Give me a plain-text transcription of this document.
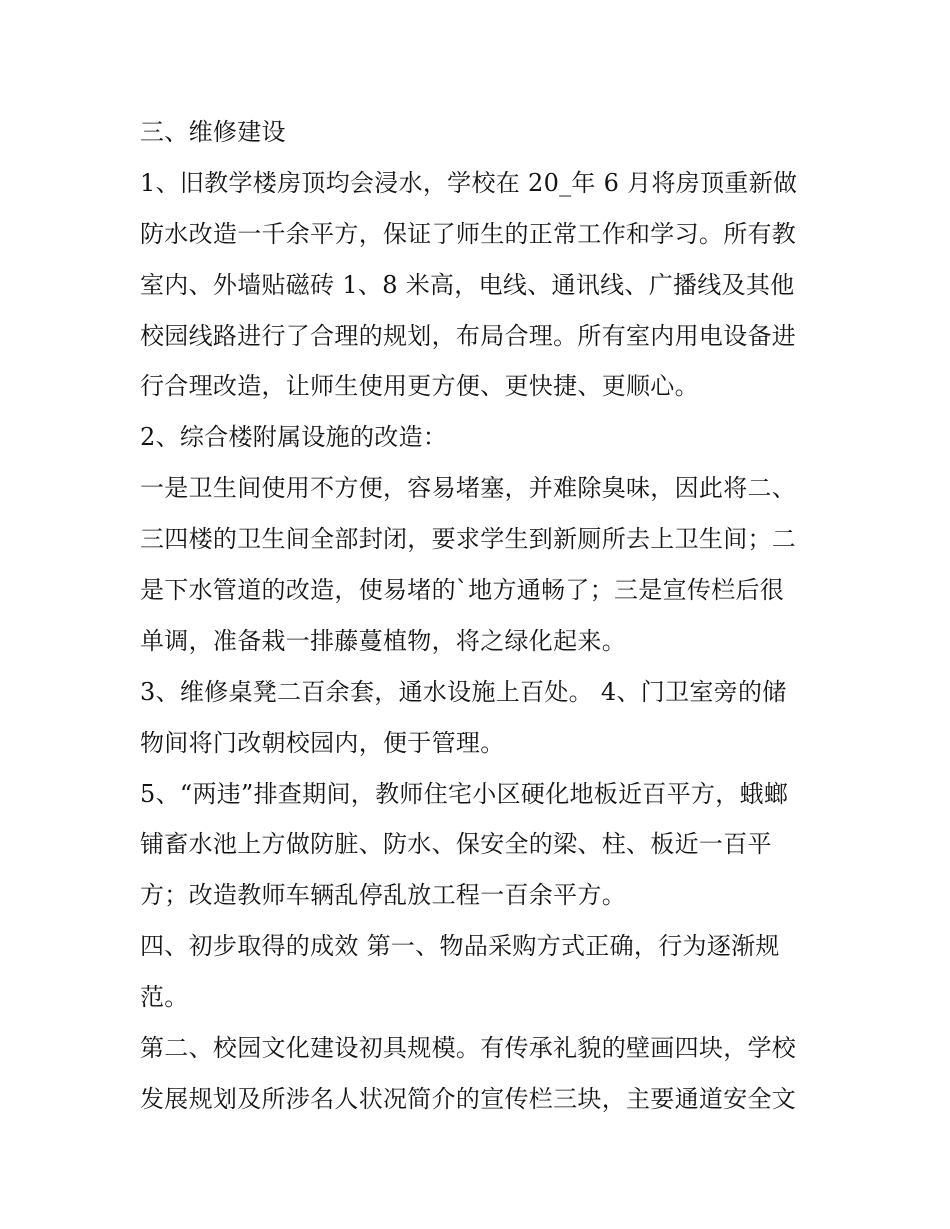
三、维修建设
1、旧教学楼房顶均会浸水，学校在 20_年 6 月将房顶重新做
防水改造一千余平方，保证了师生的正常工作和学习。所有教
室内、外墙贴磁砖 1、8 米高，电线、通讯线、广播线及其他
校园线路进行了合理的规划，布局合理。所有室内用电设备进
行合理改造，让师生使用更方便、更快捷、更顺心。
2、综合楼附属设施的改造：
一是卫生间使用不方便，容易堵塞，并难除臭味，因此将二、
三四楼的卫生间全部封闭，要求学生到新厕所去上卫生间；二
是下水管道的改造，使易堵的`地方通畅了；三是宣传栏后很
单调，准备栽一排藤蔓植物，将之绿化起来。
3、维修桌凳二百余套，通水设施上百处。 4、门卫室旁的储
物间将门改朝校园内，便于管理。
5、“两违”排查期间，教师住宅小区硬化地板近百平方，蛾螂
铺畜水池上方做防脏、防水、保安全的梁、柱、板近一百平
方；改造教师车辆乱停乱放工程一百余平方。
四、初步取得的成效 第一、物品采购方式正确，行为逐渐规
范。
第二、校园文化建设初具规模。有传承礼貌的壁画四块，学校
发展规划及所涉名人状况简介的宣传栏三块，主要通道安全文
